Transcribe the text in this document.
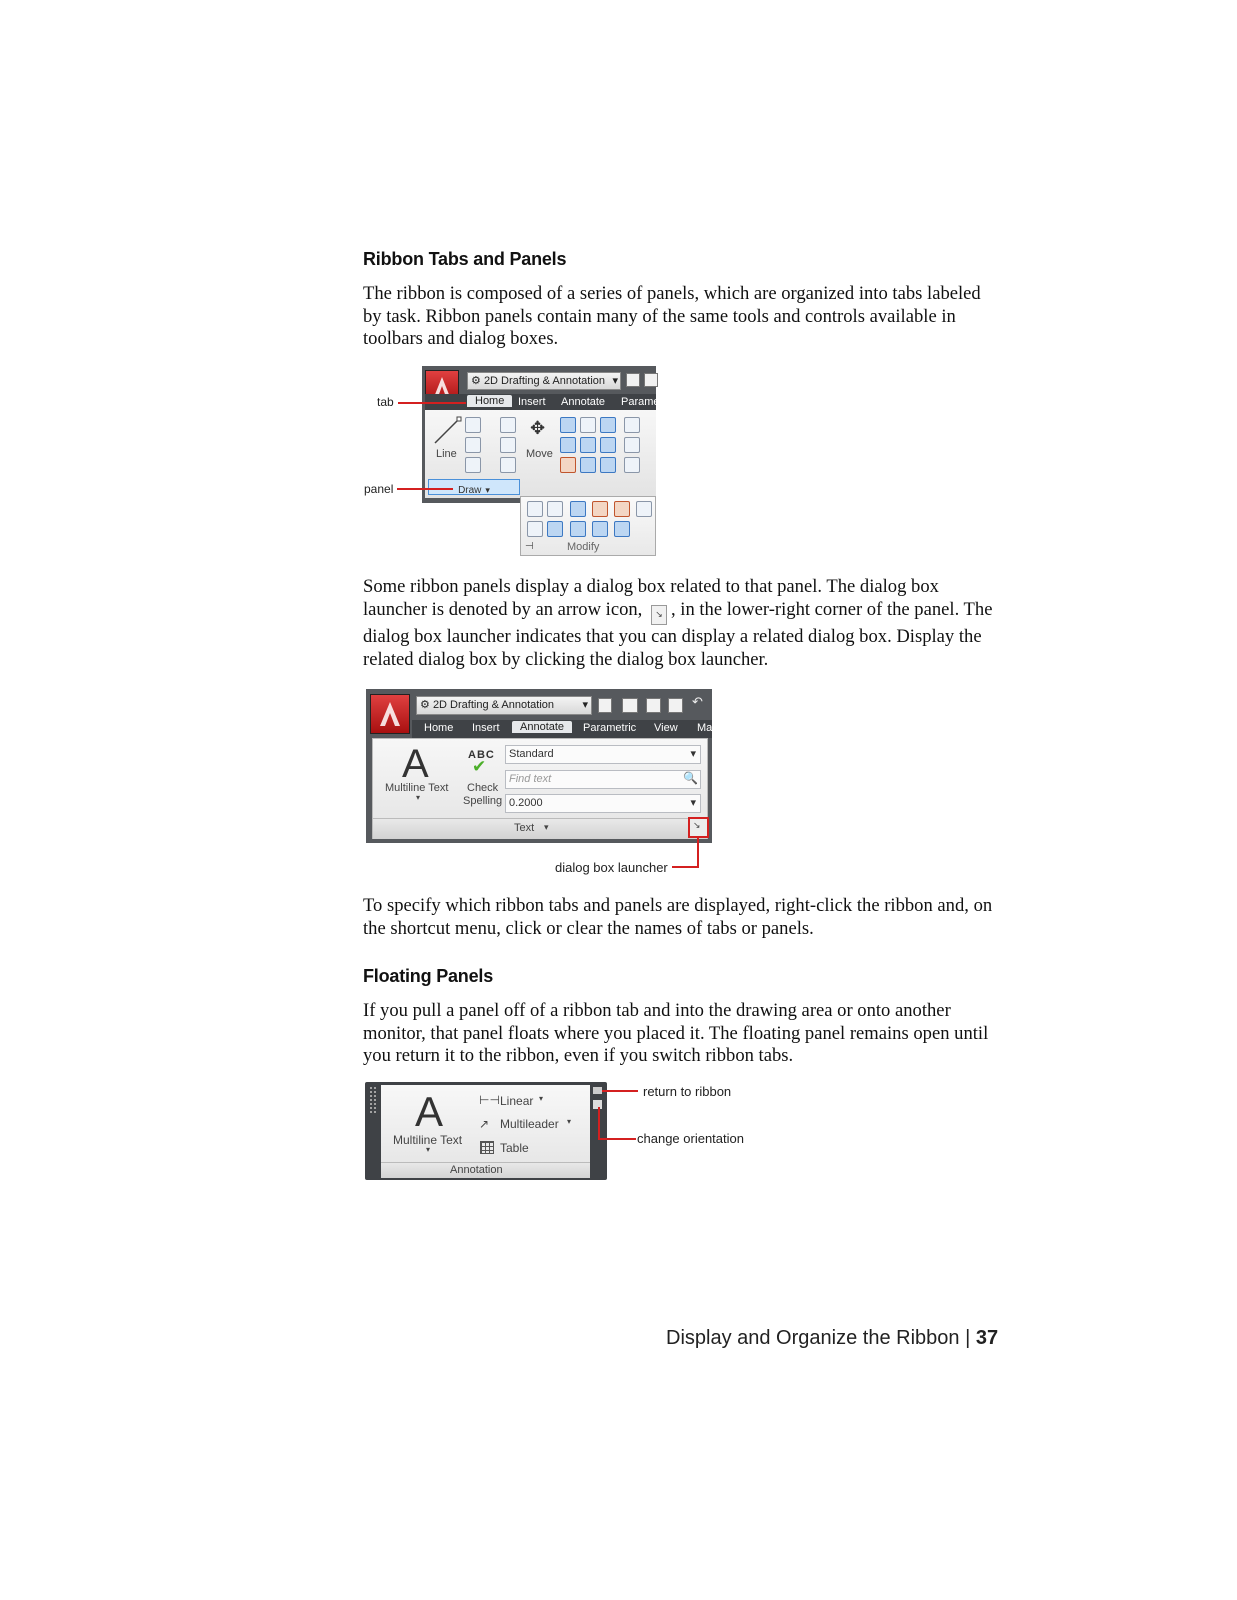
Ribbon Tabs and Panels

The ribbon is composed of a series of panels, which are organized into tabs labeled by task. Ribbon panels contain many of the same tools and controls available in toolbars and dialog boxes.

⚙ 2D Drafting & Annotation ▾
Home	Insert Annotate Parame
Line
✥
Move
Draw ▾
⊣	Modify
tab
panel

Some ribbon panels display a dialog box related to that panel. The dialog box launcher is denoted by an arrow icon, ↘ , in the lower-right corner of the panel. The dialog box launcher indicates that you can display a related dialog box. Display the related dialog box by clicking the dialog box launcher.

⚙ 2D Drafting & Annotation	▾	↶
Home Insert	Annotate	Parametric View Ma
A
Multiline Text
▾
ABC
✔
Check
Spelling
Standard	▾
Find text	🔍
0.2000	▾
Text ▾	↘
dialog box launcher

To specify which ribbon tabs and panels are displayed, right-click the ribbon and, on the shortcut menu, click or clear the names of tabs or panels.

Floating Panels

If you pull a panel off of a ribbon tab and into the drawing area or onto another monitor, that panel floats where you placed it. The floating panel remains open until you return it to the ribbon, even if you switch ribbon tabs.

A
Multiline Text
▾
⊢⊣ Linear ▾
↗ Multileader ▾
Table
Annotation
▸
return to ribbon
change orientation
Display and Organize the Ribbon | 37
